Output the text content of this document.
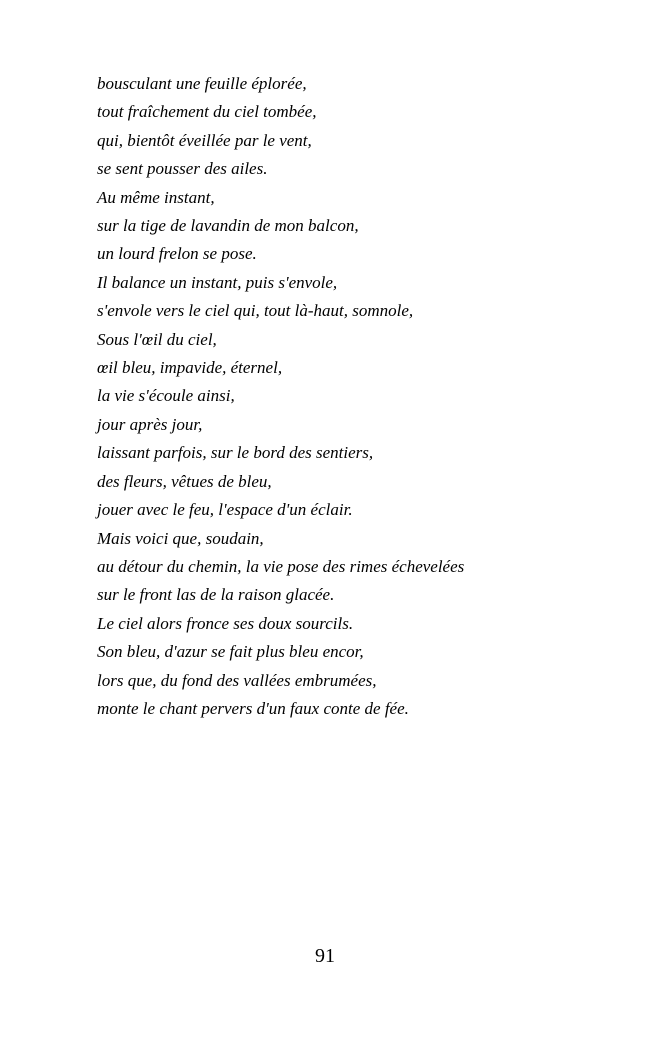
bousculant une feuille éplorée,
tout fraîchement du ciel tombée,
qui, bientôt éveillée par le vent,
se sent pousser des ailes.
Au même instant,
sur la tige de lavandin de mon balcon,
un lourd frelon se pose.
Il balance un instant, puis s'envole,
s'envole vers le ciel qui, tout là-haut, somnole,
Sous l'œil du ciel,
œil bleu, impavide, éternel,
la vie s'écoule ainsi,
jour après jour,
laissant parfois, sur le bord des sentiers,
des fleurs, vêtues de bleu,
jouer avec le feu, l'espace d'un éclair.
Mais voici que, soudain,
au détour du chemin, la vie pose des rimes échevelées
sur le front las de la raison glacée.
Le ciel alors fronce ses doux sourcils.
Son bleu, d'azur se fait plus bleu encor,
lors que, du fond des vallées embrumées,
monte le chant pervers d'un faux conte de fée.
91
